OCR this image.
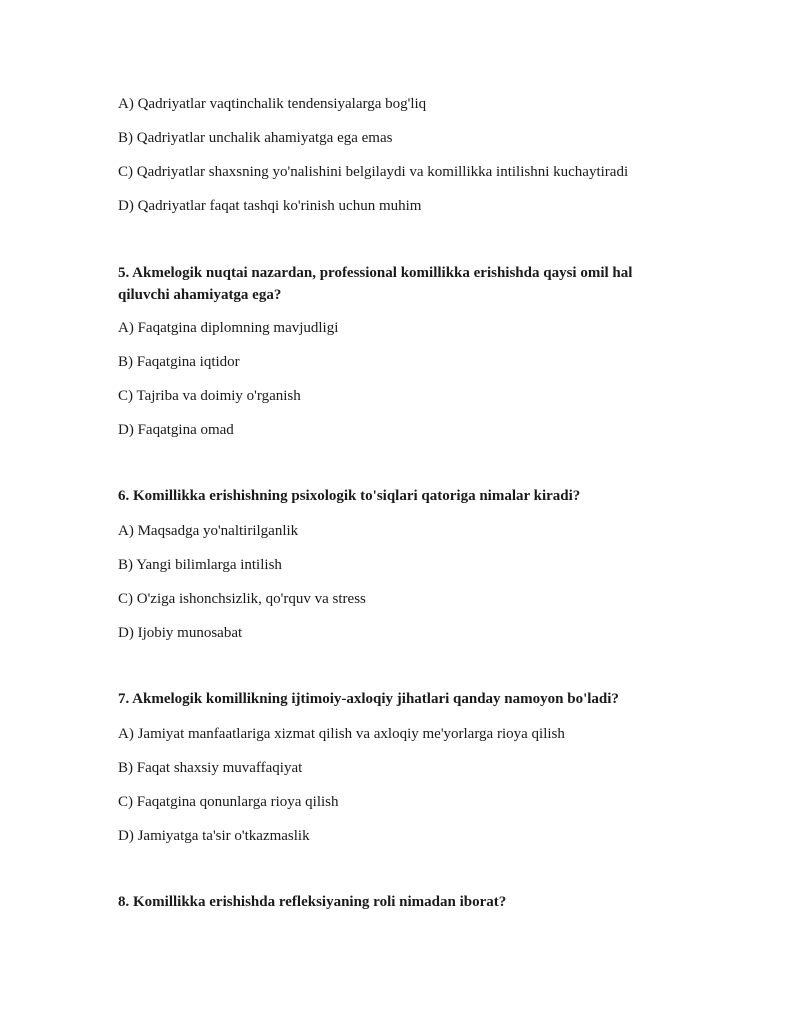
A) Qadriyatlar vaqtinchalik tendensiyalarga bog'liq
B) Qadriyatlar unchalik ahamiyatga ega emas
C) Qadriyatlar shaxsning yo'nalishini belgilaydi va komillikka intilishni kuchaytiradi
D) Qadriyatlar faqat tashqi ko'rinish uchun muhim
5. Akmelogik nuqtai nazardan, professional komillikka erishishda qaysi omil hal qiluvchi ahamiyatga ega?
A) Faqatgina diplomning mavjudligi
B) Faqatgina iqtidor
C) Tajriba va doimiy o'rganish
D) Faqatgina omad
6. Komillikka erishishning psixologik to'siqlari qatoriga nimalar kiradi?
A) Maqsadga yo'naltirilganlik
B) Yangi bilimlarga intilish
C) O'ziga ishonchsizlik, qo'rquv va stress
D) Ijobiy munosabat
7. Akmelogik komillikning ijtimoiy-axloqiy jihatlari qanday namoyon bo'ladi?
A) Jamiyat manfaatlariga xizmat qilish va axloqiy me'yorlarga rioya qilish
B) Faqat shaxsiy muvaffaqiyat
C) Faqatgina qonunlarga rioya qilish
D) Jamiyatga ta'sir o'tkazmaslik
8. Komillikka erishishda refleksiyaning roli nimadan iborat?
